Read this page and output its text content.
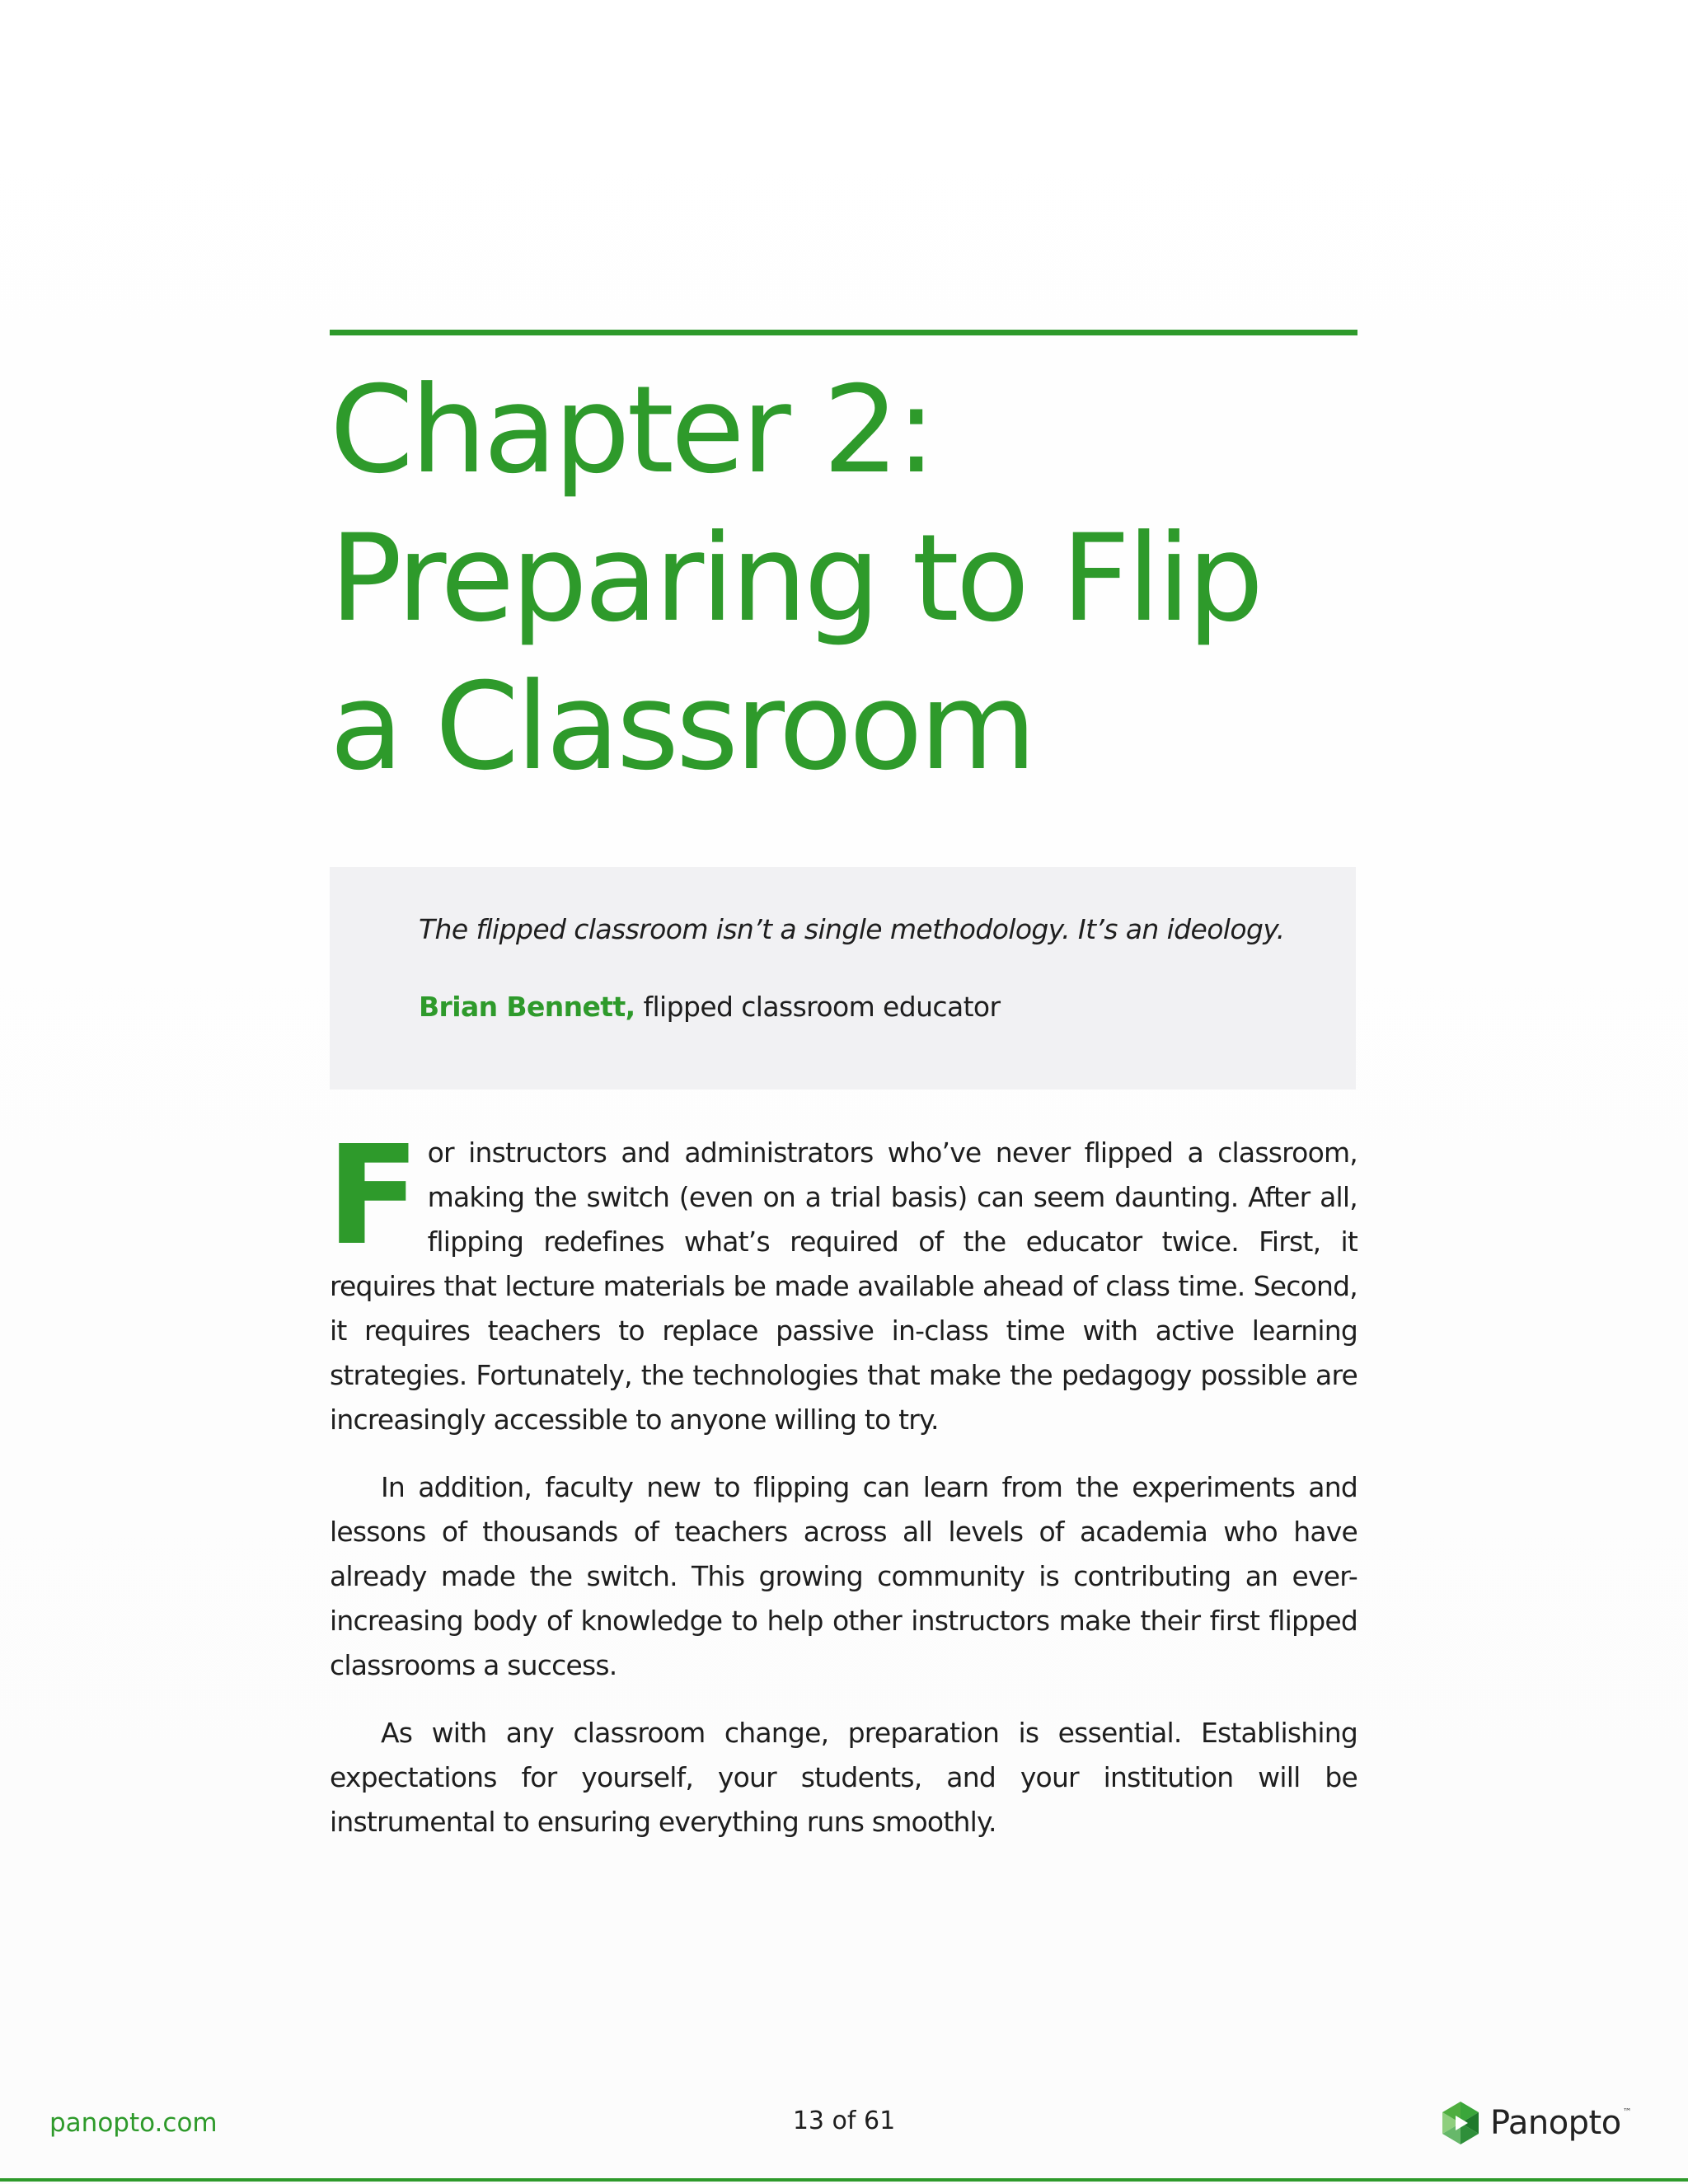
Chapter 2:
Preparing to Flip
a Classroom

The flipped classroom isn’t a single methodology. It’s an ideology.

Brian Bennett, flipped classroom educator

For instructors and administrators who’ve never flipped a classroom, making the switch (even on a trial basis) can seem daunting. After all, flipping redefines what’s required of the educator twice. First, it requires that lecture materials be made available ahead of class time. Second, it requires teachers to replace passive in-class time with active learning strategies. Fortunately, the technologies that make the pedagogy possible are increasingly accessible to anyone willing to try.

In addition, faculty new to flipping can learn from the experiments and lessons of thousands of teachers across all levels of academia who have already made the switch. This growing community is contributing an ever-increasing body of knowledge to help other instructors make their first flipped classrooms a success.

As with any classroom change, preparation is essential. Establishing expectations for yourself, your students, and your institution will be instrumental to ensuring everything runs smoothly.

panopto.com	13 of 61	Panopto ™
